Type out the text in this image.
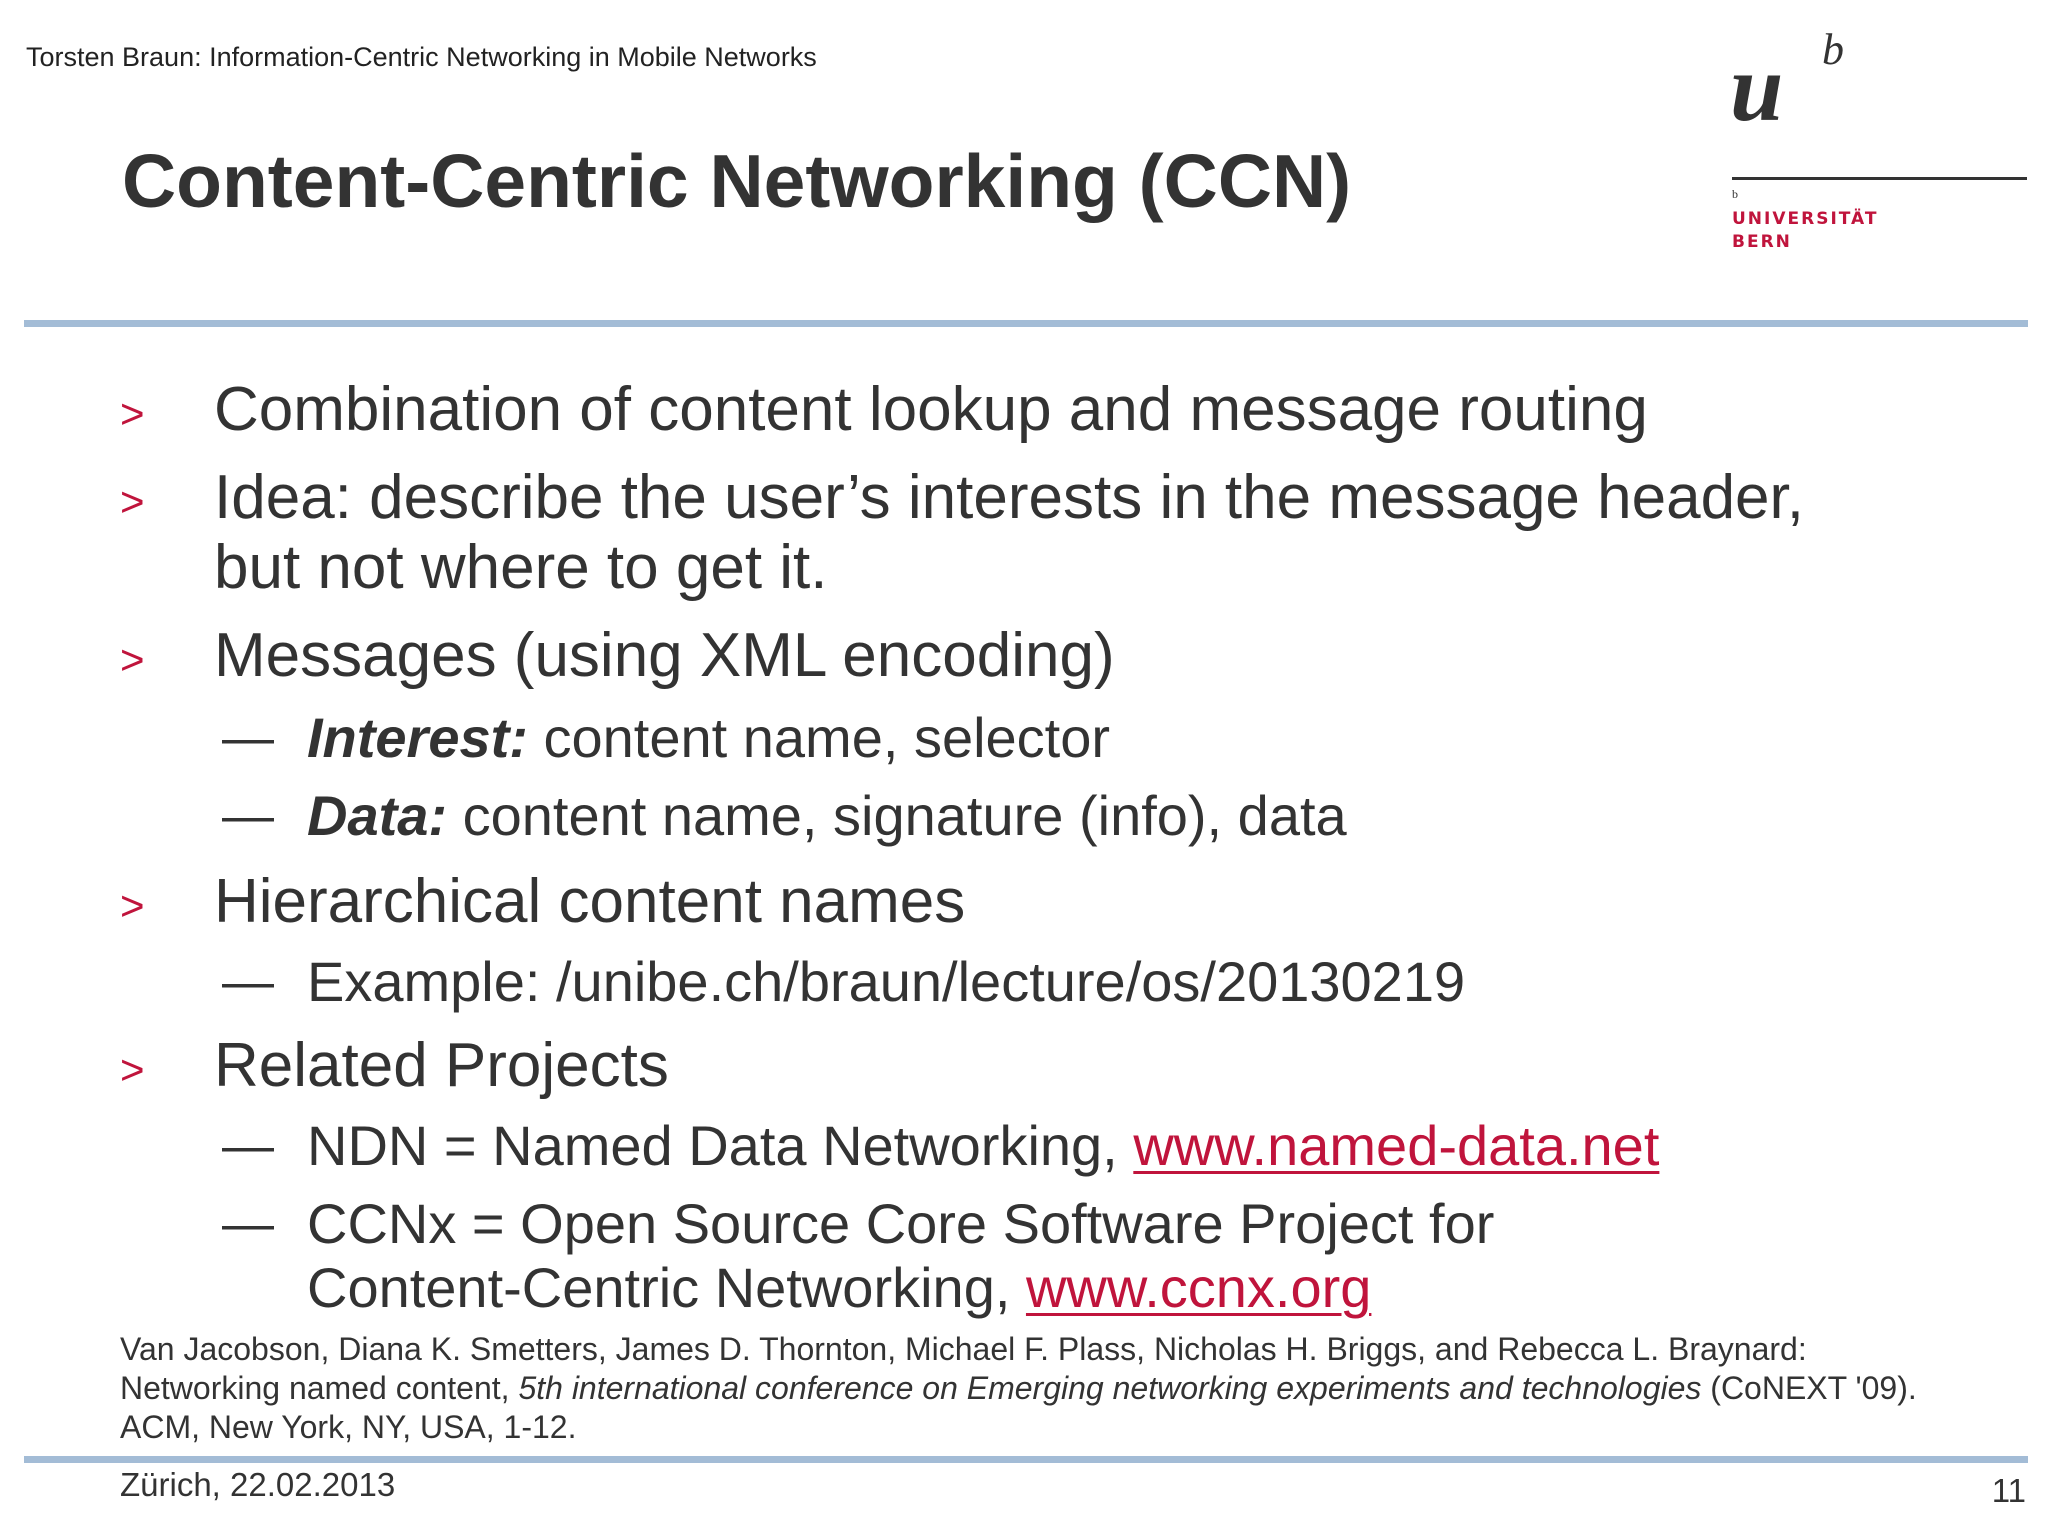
Torsten Braun: Information-Centric Networking in Mobile Networks
Content-Centric Networking (CCN)
u b
b
UNIVERSITÄT
BERN
> Combination of content lookup and message routing
> Idea: describe the user’s interests in the message header,
but not where to get it.
> Messages (using XML encoding)
— Interest: content name, selector
— Data: content name, signature (info), data
> Hierarchical content names
— Example: /unibe.ch/braun/lecture/os/20130219
> Related Projects
— NDN = Named Data Networking, www.named-data.net
— CCNx = Open Source Core Software Project for
Content-Centric Networking, www.ccnx.org
Van Jacobson, Diana K. Smetters, James D. Thornton, Michael F. Plass, Nicholas H. Briggs, and Rebecca L. Braynard:
Networking named content, 5th international conference on Emerging networking experiments and technologies (CoNEXT '09).
ACM, New York, NY, USA, 1-12.
Zürich, 22.02.2013	11
